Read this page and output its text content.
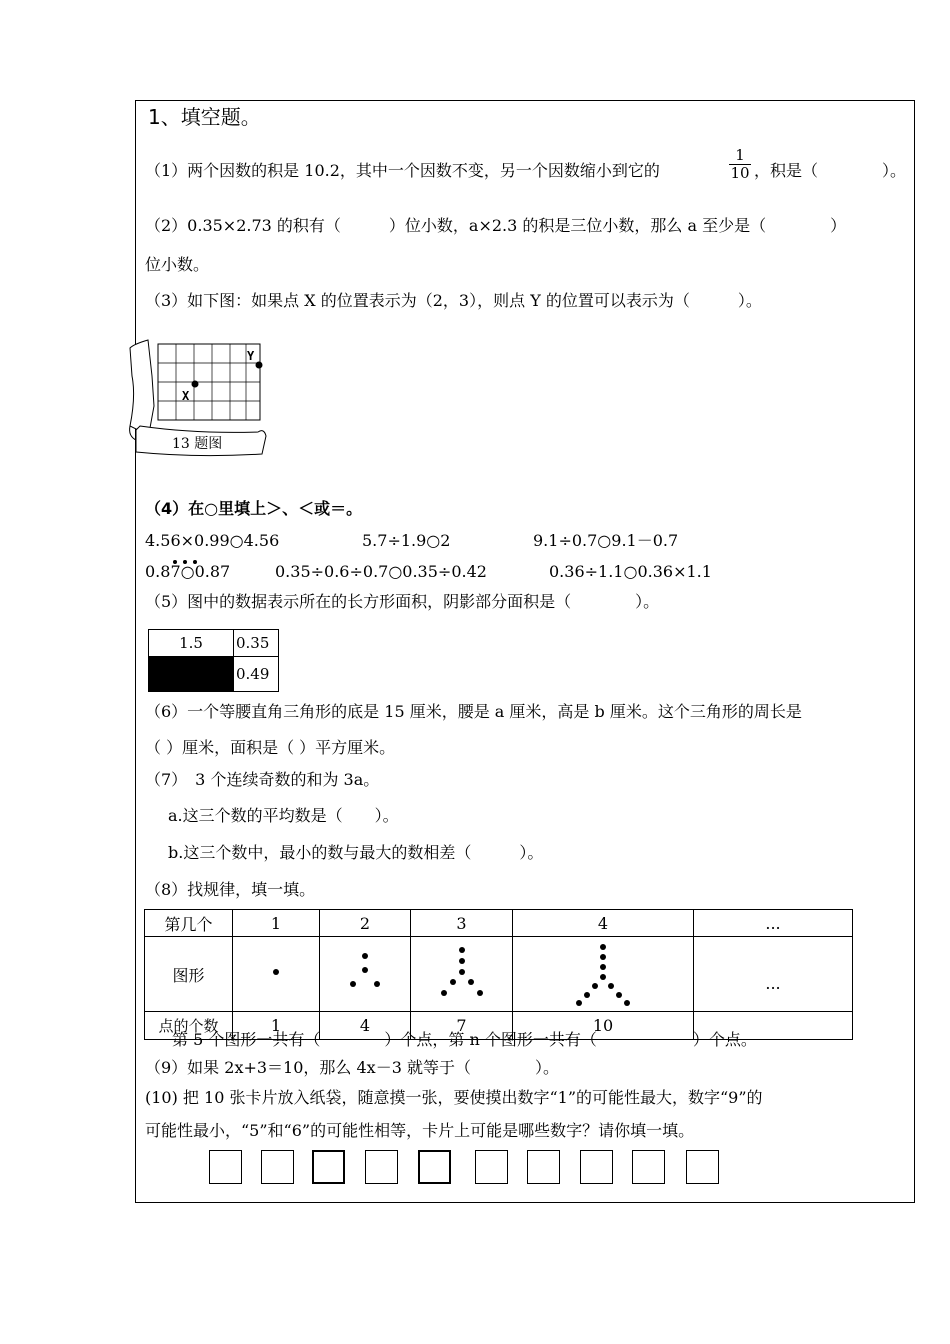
1、填空题。
（1）两个因数的积是 10.2，其中一个因数不变，另一个因数缩小到它的
1
10 ，积是（　　　　）。
（2）0.35×2.73 的积有（　　　）位小数，a×2.3 的积是三位小数，那么 a 至少是（　　　　）
位小数。
（3）如下图：如果点 X 的位置表示为（2，3），则点 Y 的位置可以表示为（　　　）。
X
Y
13 题图
（4）在○里填上＞、＜或＝。
4.56×0.99○4.56	5.7÷1.9○2	9.1÷0.7○9.1－0.7
0.87○0.87	0.35÷0.6÷0.7○0.35÷0.42	0.36÷1.1○0.36×1.1
（5）图中的数据表示所在的长方形面积，阴影部分面积是（　　　　）。
1.5	0.35
	0.49
（6）一个等腰直角三角形的底是 15 厘米，腰是 a 厘米，高是 b 厘米。这个三角形的周长是
（ ）厘米，面积是（ ）平方厘米。
（7）　3 个连续奇数的和为 3a。
a.这三个数的平均数是（　　）。
b.这三个数中，最小的数与最大的数相差（　　　）。
（8）找规律，填一填。
第几个	1	2	3	4	...
图形					...
点的个数	1	4	7	10	
第 5 个图形一共有（　　　　）个点，第 n 个图形一共有（　　　　　　）个点。
（9）如果 2x+3＝10，那么 4x－3 就等于（　　　　）。
(10) 把 10 张卡片放入纸袋，随意摸一张，要使摸出数字“1”的可能性最大，数字“9”的
可能性最小，“5”和“6”的可能性相等，卡片上可能是哪些数字？请你填一填。
